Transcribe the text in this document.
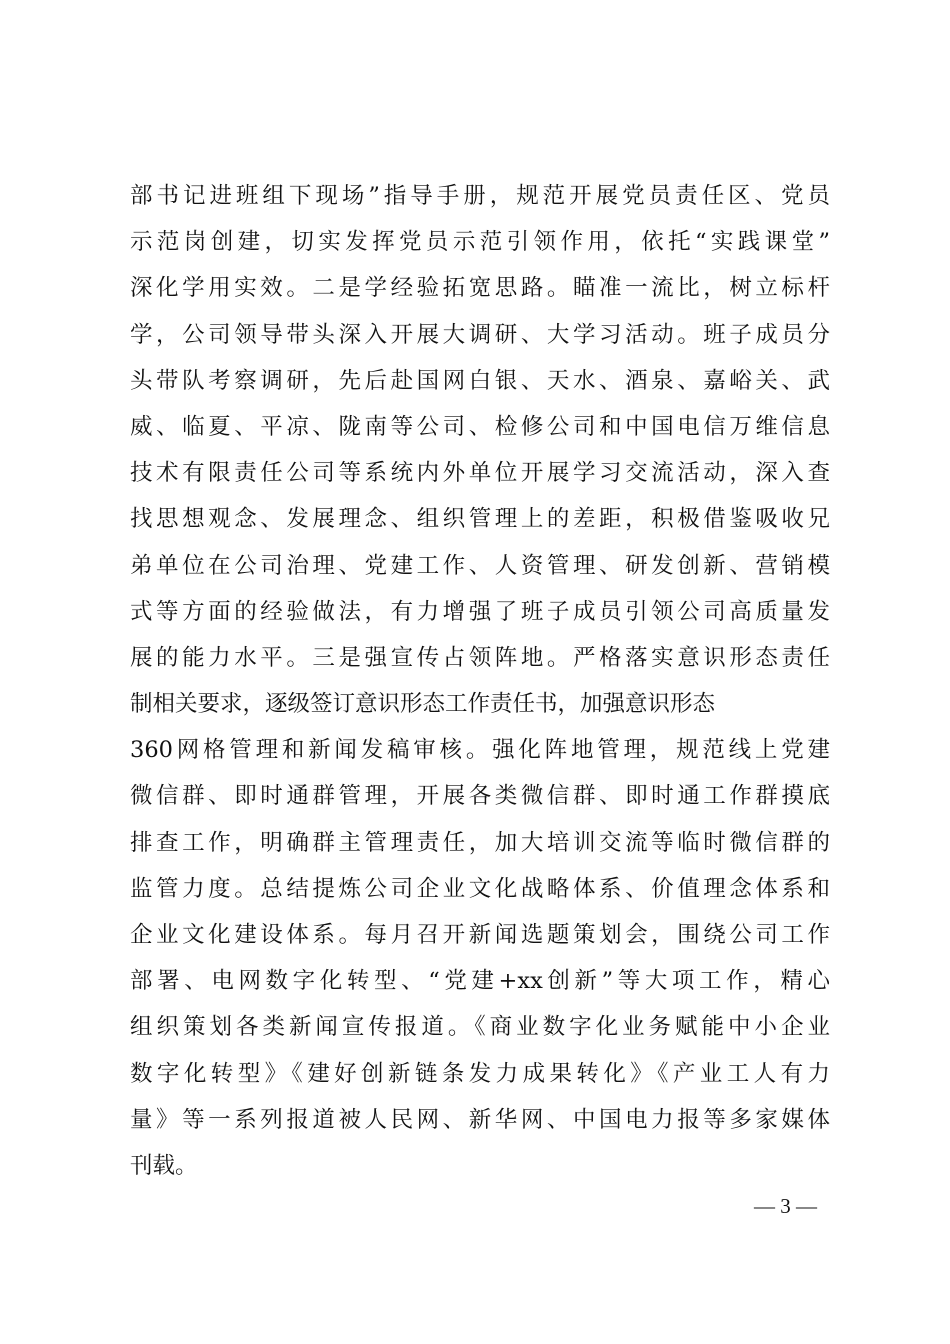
部书记进班组下现场”指导手册，规范开展党员责任区、党员
示范岗创建，切实发挥党员示范引领作用，依托“实践课堂”
深化学用实效。二是学经验拓宽思路。瞄准一流比，树立标杆
学，公司领导带头深入开展大调研、大学习活动。班子成员分
头带队考察调研，先后赴国网白银、天水、酒泉、嘉峪关、武
威、临夏、平凉、陇南等公司、检修公司和中国电信万维信息
技术有限责任公司等系统内外单位开展学习交流活动，深入查
找思想观念、发展理念、组织管理上的差距，积极借鉴吸收兄
弟单位在公司治理、党建工作、人资管理、研发创新、营销模
式等方面的经验做法，有力增强了班子成员引领公司高质量发
展的能力水平。三是强宣传占领阵地。严格落实意识形态责任
制相关要求，逐级签订意识形态工作责任书，加强意识形态
360网格管理和新闻发稿审核。强化阵地管理，规范线上党建
微信群、即时通群管理，开展各类微信群、即时通工作群摸底
排查工作，明确群主管理责任，加大培训交流等临时微信群的
监管力度。总结提炼公司企业文化战略体系、价值理念体系和
企业文化建设体系。每月召开新闻选题策划会，围绕公司工作
部署、电网数字化转型、“党建+xx创新”等大项工作，精心
组织策划各类新闻宣传报道。《商业数字化业务赋能中小企业
数字化转型》《建好创新链条发力成果转化》《产业工人有力
量》等一系列报道被人民网、新华网、中国电力报等多家媒体
刊载。
— 3 —
